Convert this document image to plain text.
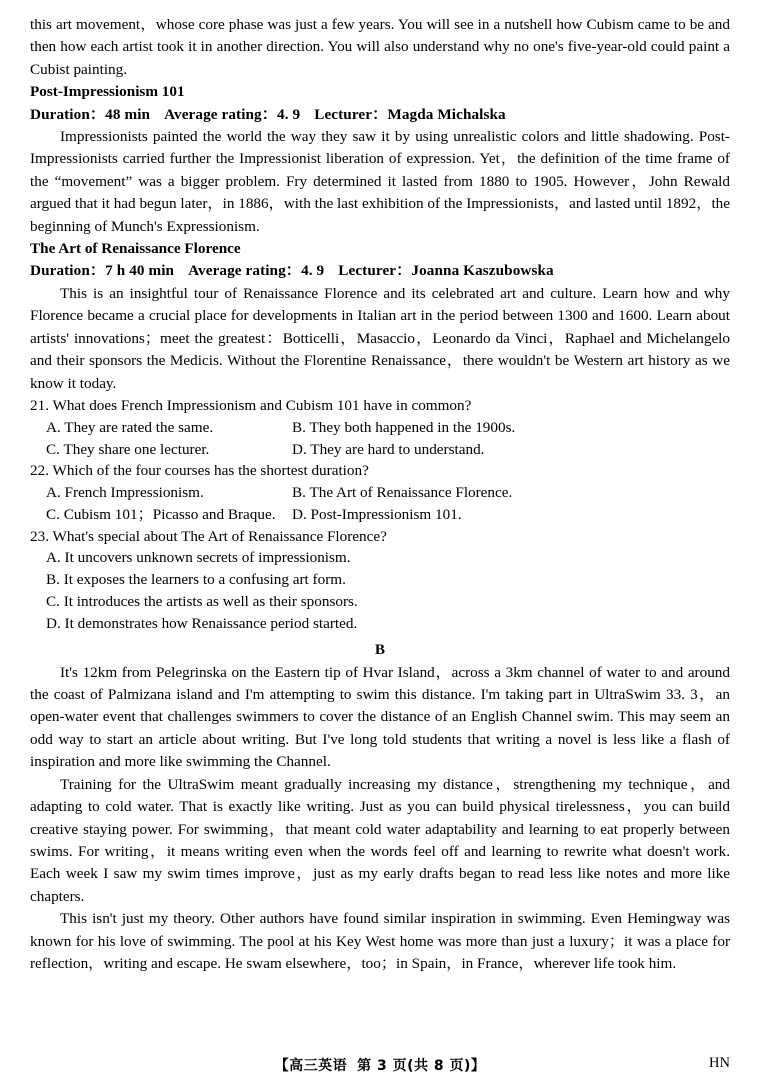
this art movement，whose core phase was just a few years. You will see in a nutshell how Cubism came to be and then how each artist took it in another direction. You will also understand why no one's five-year-old could paint a Cubist painting.

Post-Impressionism 101

Duration：48 min Average rating：4. 9 Lecturer：Magda Michalska

Impressionists painted the world the way they saw it by using unrealistic colors and little shadowing. Post-Impressionists carried further the Impressionist liberation of expression. Yet，the definition of the time frame of the “movement” was a bigger problem. Fry determined it lasted from 1880 to 1905. However，John Rewald argued that it had begun later，in 1886，with the last exhibition of the Impressionists，and lasted until 1892，the beginning of Munch's Expressionism.

The Art of Renaissance Florence

Duration：7 h 40 min Average rating：4. 9 Lecturer：Joanna Kaszubowska

This is an insightful tour of Renaissance Florence and its celebrated art and culture. Learn how and why Florence became a crucial place for developments in Italian art in the period between 1300 and 1600. Learn about artists' innovations；meet the greatest：Botticelli，Masaccio，Leonardo da Vinci，Raphael and Michelangelo and their sponsors the Medicis. Without the Florentine Renaissance，there wouldn't be Western art history as we know it today.

21. What does French Impressionism and Cubism 101 have in common?

A. They are rated the same.	B. They both happened in the 1900s.

C. They share one lecturer.	D. They are hard to understand.

22. Which of the four courses has the shortest duration?

A. French Impressionism.	B. The Art of Renaissance Florence.

C. Cubism 101；Picasso and Braque. D. Post-Impressionism 101.

23. What's special about The Art of Renaissance Florence?

A. It uncovers unknown secrets of impressionism.

B. It exposes the learners to a confusing art form.

C. It introduces the artists as well as their sponsors.

D. It demonstrates how Renaissance period started.

B

It's 12km from Pelegrinska on the Eastern tip of Hvar Island，across a 3km channel of water to and around the coast of Palmizana island and I'm attempting to swim this distance. I'm taking part in UltraSwim 33. 3，an open-water event that challenges swimmers to cover the distance of an English Channel swim. This may seem an odd way to start an article about writing. But I've long told students that writing a novel is less like a flash of inspiration and more like swimming the Channel.

Training for the UltraSwim meant gradually increasing my distance，strengthening my technique，and adapting to cold water. That is exactly like writing. Just as you can build physical tirelessness，you can build creative staying power. For swimming，that meant cold water adaptability and learning to eat properly between swims. For writing，it means writing even when the words feel off and learning to rewrite what doesn't work. Each week I saw my swim times improve，just as my early drafts began to read less like notes and more like chapters.

This isn't just my theory. Other authors have found similar inspiration in swimming. Even Hemingway was known for his love of swimming. The pool at his Key West home was more than just a luxury；it was a place for reflection，writing and escape. He swam elsewhere，too；in Spain，in France，wherever life took him.

【高三英语 第 3 页(共 8 页)】	HN
